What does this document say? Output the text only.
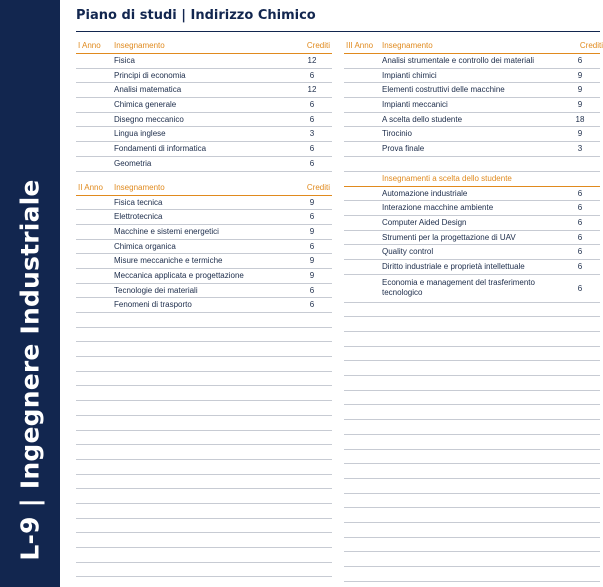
L-9 | Ingegnere Industriale
Piano di studi | Indirizzo Chimico
I Anno Insegnamento	Crediti
Fisica	12
Principi di economia	6
Analisi matematica	12
Chimica generale	6
Disegno meccanico	6
Lingua inglese	3
Fondamenti di informatica	6
Geometria	6
II Anno Insegnamento	Crediti
Fisica tecnica	9
Elettrotecnica	6
Macchine e sistemi energetici	9
Chimica organica	6
Misure meccaniche e termiche	9
Meccanica applicata e progettazione	9
Tecnologie dei materiali	6
Fenomeni di trasporto	6
III Anno Insegnamento	Crediti
Analisi strumentale e controllo dei materiali	6
Impianti chimici	9
Elementi costruttivi delle macchine	9
Impianti meccanici	9
A scelta dello studente	18
Tirocinio	9
Prova finale	3
Insegnamenti a scelta dello studente
Automazione industriale	6
Interazione macchine ambiente	6
Computer Aided Design	6
Strumenti per la progettazione di UAV	6
Quality control	6
Diritto industriale e proprietà intellettuale	6
Economia e management del trasferimento tecnologico	6
